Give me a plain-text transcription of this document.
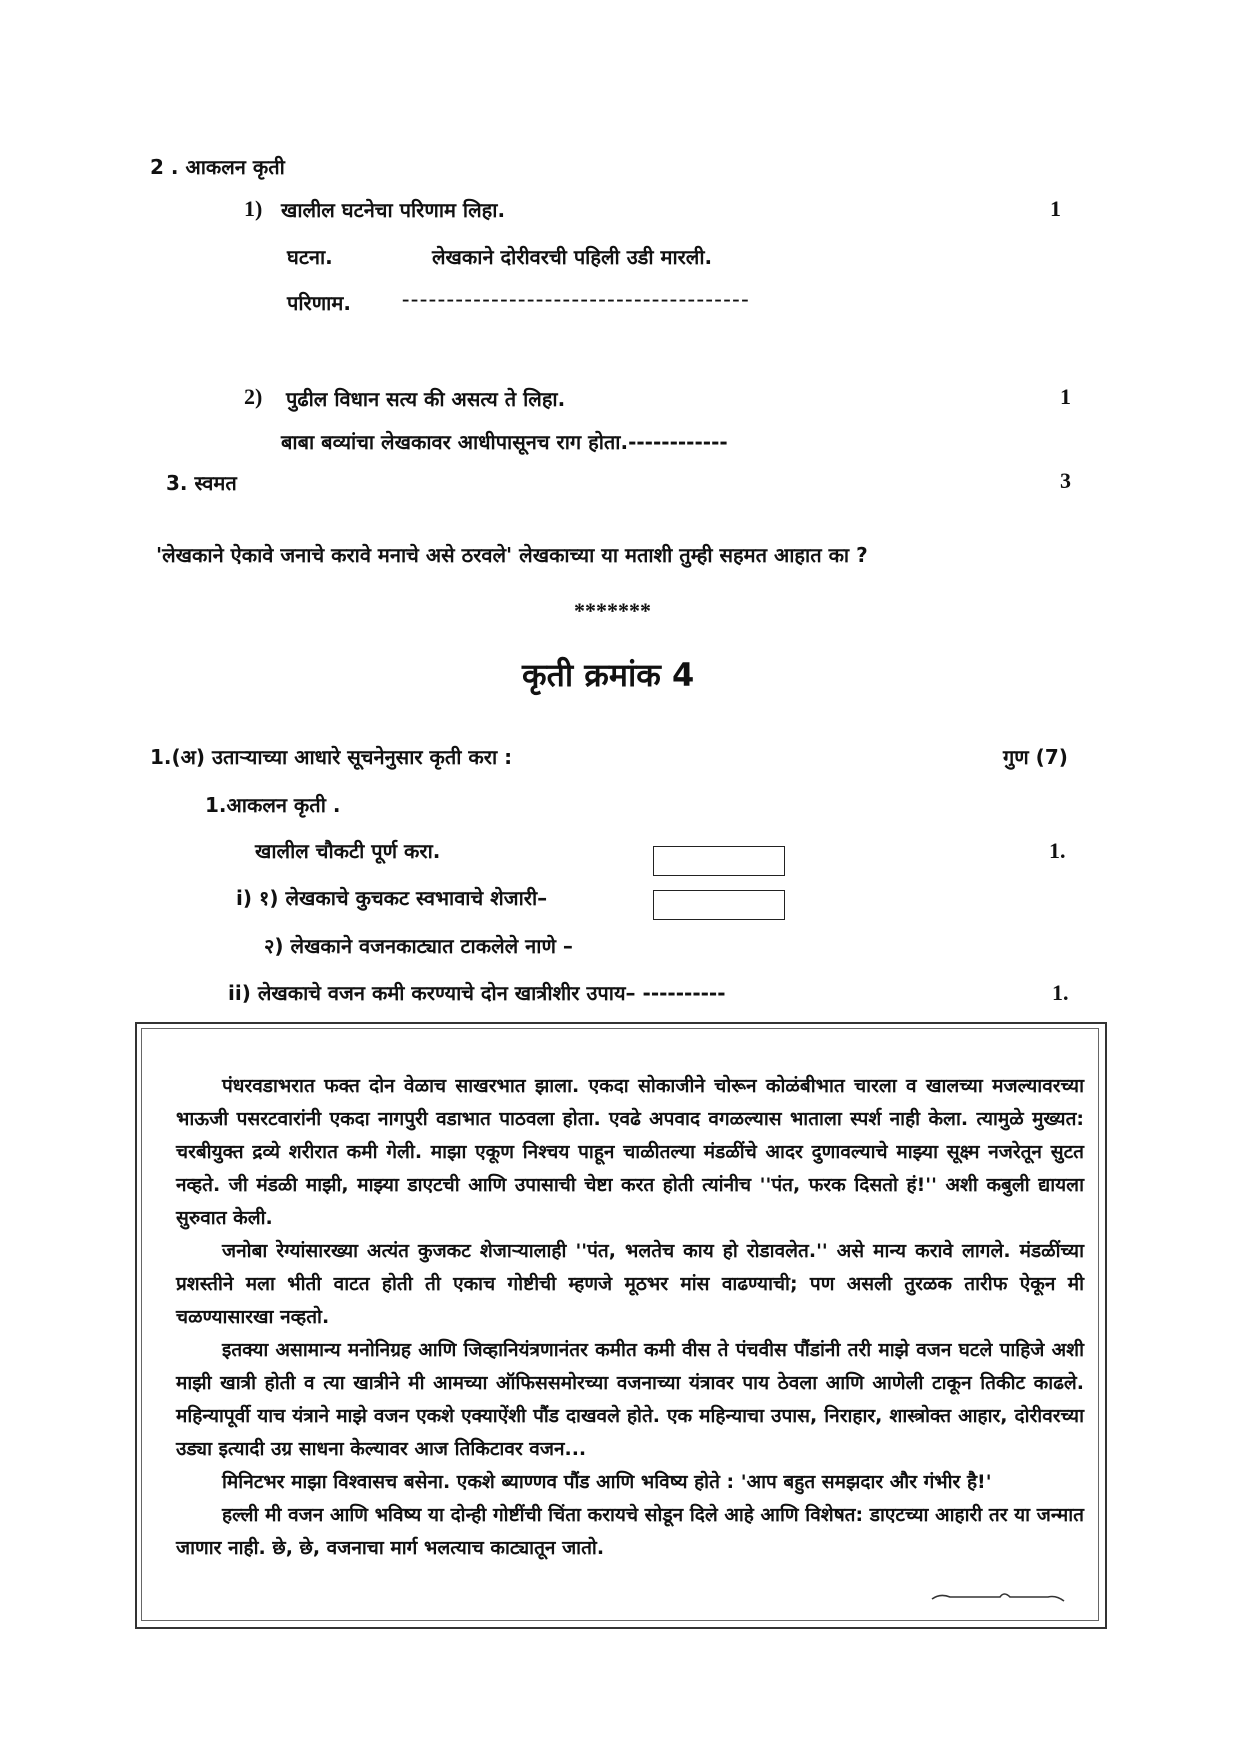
2 . आकलन कृती
1) खालील घटनेचा परिणाम लिहा.	1
घटना.	लेखकाने दोरीवरची पहिली उडी मारली.
परिणाम. ---------------------------------------
2) पुढील विधान सत्य की असत्य ते लिहा.	1
बाबा बव्यांचा लेखकावर आधीपासूनच राग होता.------------
3. स्वमत	3
'लेखकाने ऐकावे जनाचे करावे मनाचे असे ठरवले' लेखकाच्या या मताशी तुम्ही सहमत आहात का ?
*******
कृती क्रमांक 4
1.(अ) उताऱ्याच्या आधारे सूचनेनुसार कृती करा :	गुण (7)
1.आकलन कृती .
खालील चौकटी पूर्ण करा.	1.
i) १) लेखकाचे कुचकट स्वभावाचे शेजारी–
२) लेखकाने वजनकाट्यात टाकलेले नाणे –
ii) लेखकाचे वजन कमी करण्याचे दोन खात्रीशीर उपाय– ----------	1.

पंधरवडाभरात फक्त दोन वेळाच साखरभात झाला. एकदा सोकाजीने चोरून कोळंबीभात चारला व खालच्या मजल्यावरच्या भाऊजी पसरटवारांनी एकदा नागपुरी वडाभात पाठवला होता. एवढे अपवाद वगळल्यास भाताला स्पर्श नाही केला. त्यामुळे मुख्यत: चरबीयुक्त द्रव्ये शरीरात कमी गेली. माझा एकूण निश्चय पाहून चाळीतल्या मंडळींचे आदर दुणावल्याचे माझ्या सूक्ष्म नजरेतून सुटत नव्हते. जी मंडळी माझी, माझ्या डाएटची आणि उपासाची चेष्टा करत होती त्यांनीच ''पंत, फरक दिसतो हं!'' अशी कबुली द्यायला सुरुवात केली.

जनोबा रेग्यांसारख्या अत्यंत कुजकट शेजाऱ्यालाही ''पंत, भलतेच काय हो रोडावलेत.'' असे मान्य करावे लागले. मंडळींच्या प्रशस्तीने मला भीती वाटत होती ती एकाच गोष्टीची म्हणजे मूठभर मांस वाढण्याची; पण असली तुरळक तारीफ ऐकून मी चळण्यासारखा नव्हतो.

इतक्या असामान्य मनोनिग्रह आणि जिव्हानियंत्रणानंतर कमीत कमी वीस ते पंचवीस पौंडांनी तरी माझे वजन घटले पाहिजे अशी माझी खात्री होती व त्या खात्रीने मी आमच्या ऑफिससमोरच्या वजनाच्या यंत्रावर पाय ठेवला आणि आणेली टाकून तिकीट काढले. महिन्यापूर्वी याच यंत्राने माझे वजन एकशे एक्याऐंशी पौंड दाखवले होते. एक महिन्याचा उपास, निराहार, शास्त्रोक्त आहार, दोरीवरच्या उड्या इत्यादी उग्र साधना केल्यावर आज तिकिटावर वजन...

मिनिटभर माझा विश्वासच बसेना. एकशे ब्याण्णव पौंड आणि भविष्य होते : 'आप बहुत समझदार और गंभीर है!'

हल्ली मी वजन आणि भविष्य या दोन्ही गोष्टींची चिंता करायचे सोडून दिले आहे आणि विशेषत: डाएटच्या आहारी तर या जन्मात जाणार नाही. छे, छे, वजनाचा मार्ग भलत्याच काट्यातून जातो.
